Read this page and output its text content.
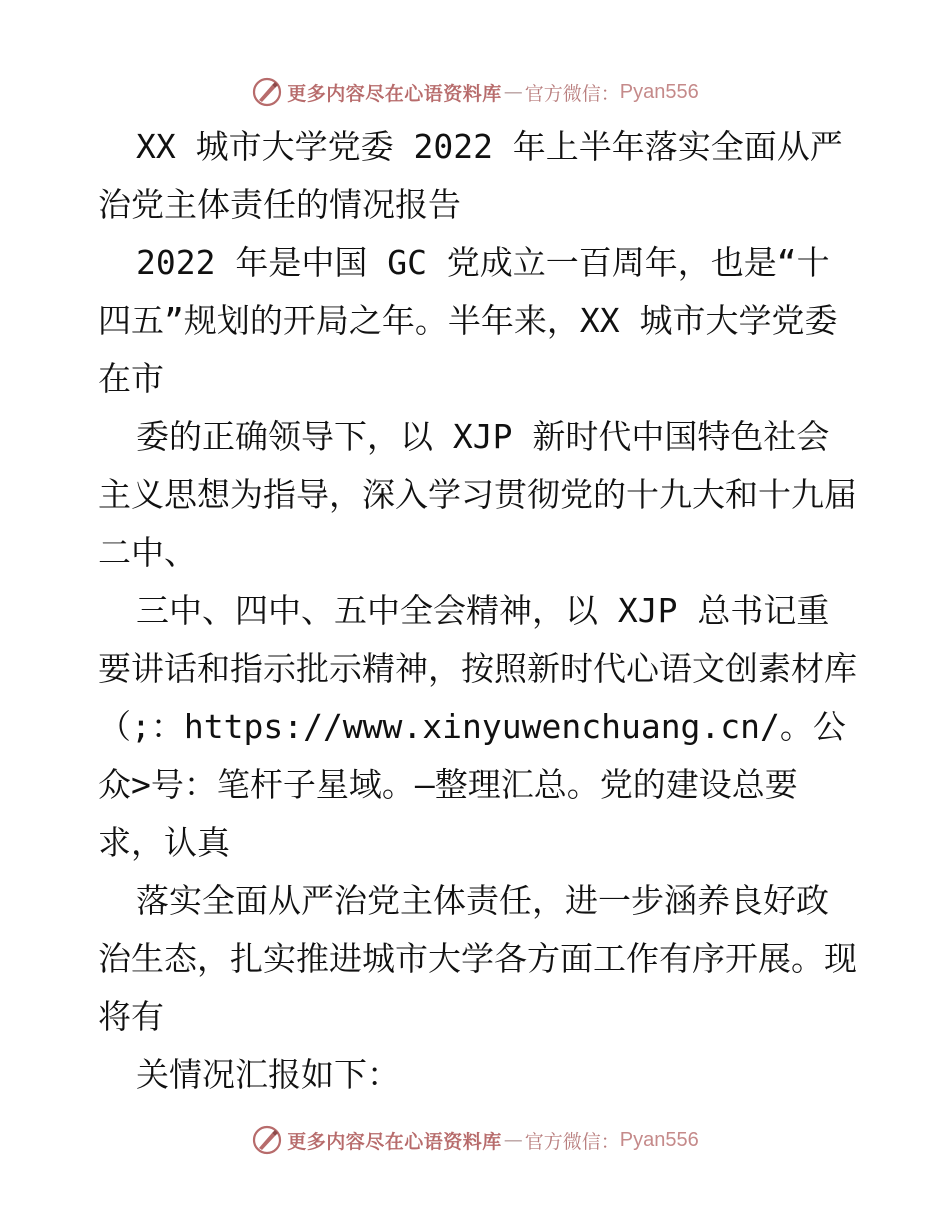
更多内容尽在心语资料库 — 官方微信： Pyan556

XX 城市大学党委 2022 年上半年落实全面从严治党主体责任的情况报告

2022 年是中国 GC 党成立一百周年，也是“十四五”规划的开局之年。半年来，XX 城市大学党委在市

委的正确领导下，以 XJP 新时代中国特色社会主义思想为指导，深入学习贯彻党的十九大和十九届二中、

三中、四中、五中全会精神，以 XJP 总书记重要讲话和指示批示精神，按照新时代心语文创素材库（;：https://www.xinyuwenchuang.cn/。公众>号：笔杆子星域。—整理汇总。党的建设总要求，认真

落实全面从严治党主体责任，进一步涵养良好政治生态，扎实推进城市大学各方面工作有序开展。现将有

关情况汇报如下：

更多内容尽在心语资料库 — 官方微信： Pyan556
